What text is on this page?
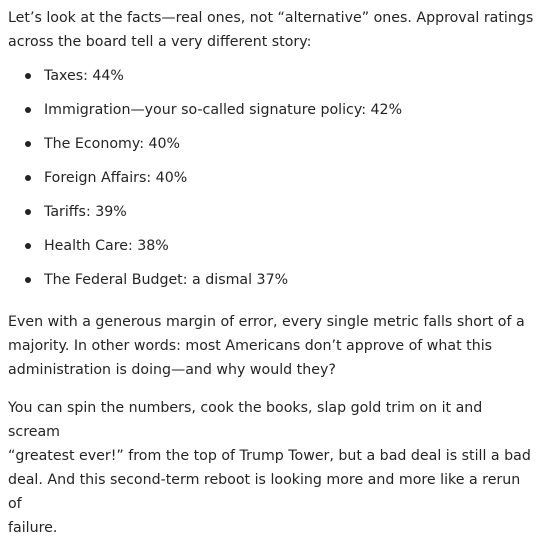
Let’s look at the facts—real ones, not “alternative” ones. Approval ratings
across the board tell a very different story:

Taxes: 44%
Immigration—your so-called signature policy: 42%
The Economy: 40%
Foreign Affairs: 40%
Tariffs: 39%
Health Care: 38%
The Federal Budget: a dismal 37%

Even with a generous margin of error, every single metric falls short of a
majority. In other words: most Americans don’t approve of what this
administration is doing—and why would they?

You can spin the numbers, cook the books, slap gold trim on it and scream
“greatest ever!” from the top of Trump Tower, but a bad deal is still a bad
deal. And this second-term reboot is looking more and more like a rerun of
failure.
